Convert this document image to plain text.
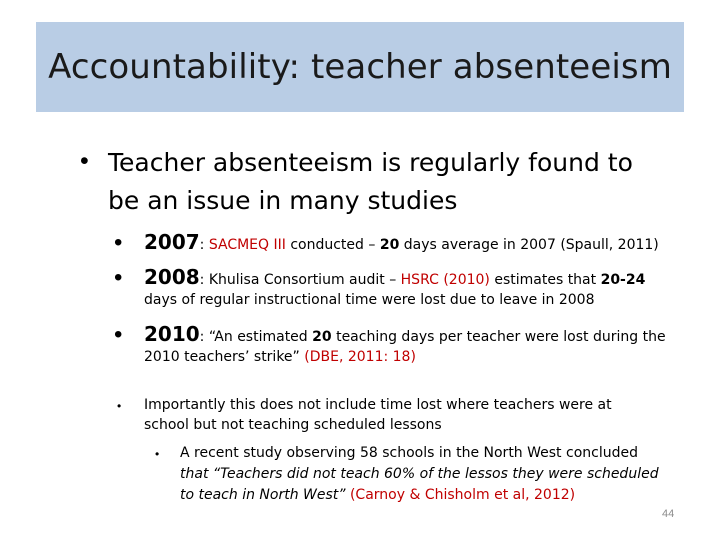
Accountability: teacher absenteeism
• Teacher absenteeism is regularly found to
be an issue in many studies
• 2007: SACMEQ III conducted – 20 days average in 2007 (Spaull, 2011)
• 2008: Khulisa Consortium audit – HSRC (2010) estimates that 20-24
days of regular instructional time were lost due to leave in 2008
• 2010: “An estimated 20 teaching days per teacher were lost during the
2010 teachers’ strike” (DBE, 2011: 18)
• Importantly this does not include time lost where teachers were at
school but not teaching scheduled lessons
• A recent study observing 58 schools in the North West concluded
that “Teachers did not teach 60% of the lessos they were scheduled
to teach in North West” (Carnoy & Chisholm et al, 2012)
44
